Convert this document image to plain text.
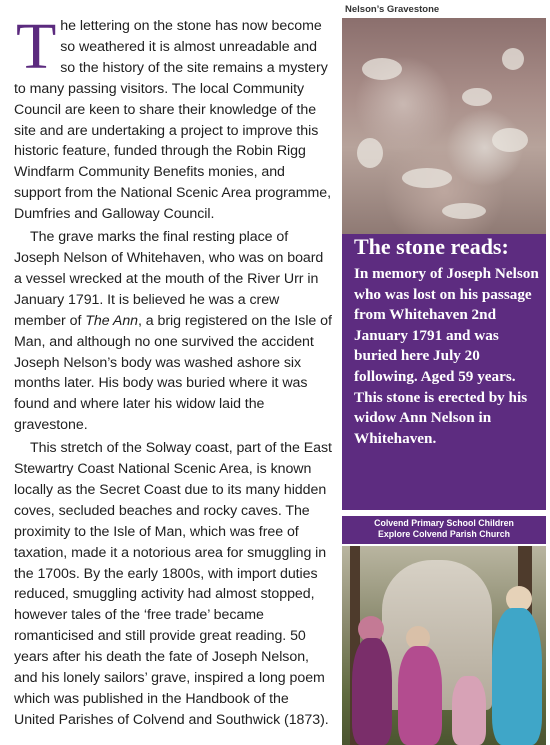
The lettering on the stone has now become so weathered it is almost unreadable and so the history of the site remains a mystery to many passing visitors. The local Community Council are keen to share their knowledge of the site and are undertaking a project to improve this historic feature, funded through the Robin Rigg Windfarm Community Benefits monies, and support from the National Scenic Area programme, Dumfries and Galloway Council.

The grave marks the final resting place of Joseph Nelson of Whitehaven, who was on board a vessel wrecked at the mouth of the River Urr in January 1791. It is believed he was a crew member of The Ann, a brig registered on the Isle of Man, and although no one survived the accident Joseph Nelson’s body was washed ashore six months later. His body was buried where it was found and where later his widow laid the gravestone.

This stretch of the Solway coast, part of the East Stewartry Coast National Scenic Area, is known locally as the Secret Coast due to its many hidden coves, secluded beaches and rocky caves. The proximity to the Isle of Man, which was free of taxation, made it a notorious area for smuggling in the 1700s. By the early 1800s, with import duties reduced, smuggling activity had almost stopped, however tales of the ‘free trade’ became romanticised and still provide great reading. 50 years after his death the fate of Joseph Nelson, and his lonely sailors’ grave, inspired a long poem which was published in the Handbook of the United Parishes of Colvend and Southwick (1873).

Nelson’s Gravestone
The stone reads:
In memory of Joseph Nelson who was lost on his passage from Whitehaven 2nd January 1791 and was buried here July 20 following. Aged 59 years. This stone is erected by his widow Ann Nelson in Whitehaven.
Colvend Primary School Children
Explore Colvend Parish Church
